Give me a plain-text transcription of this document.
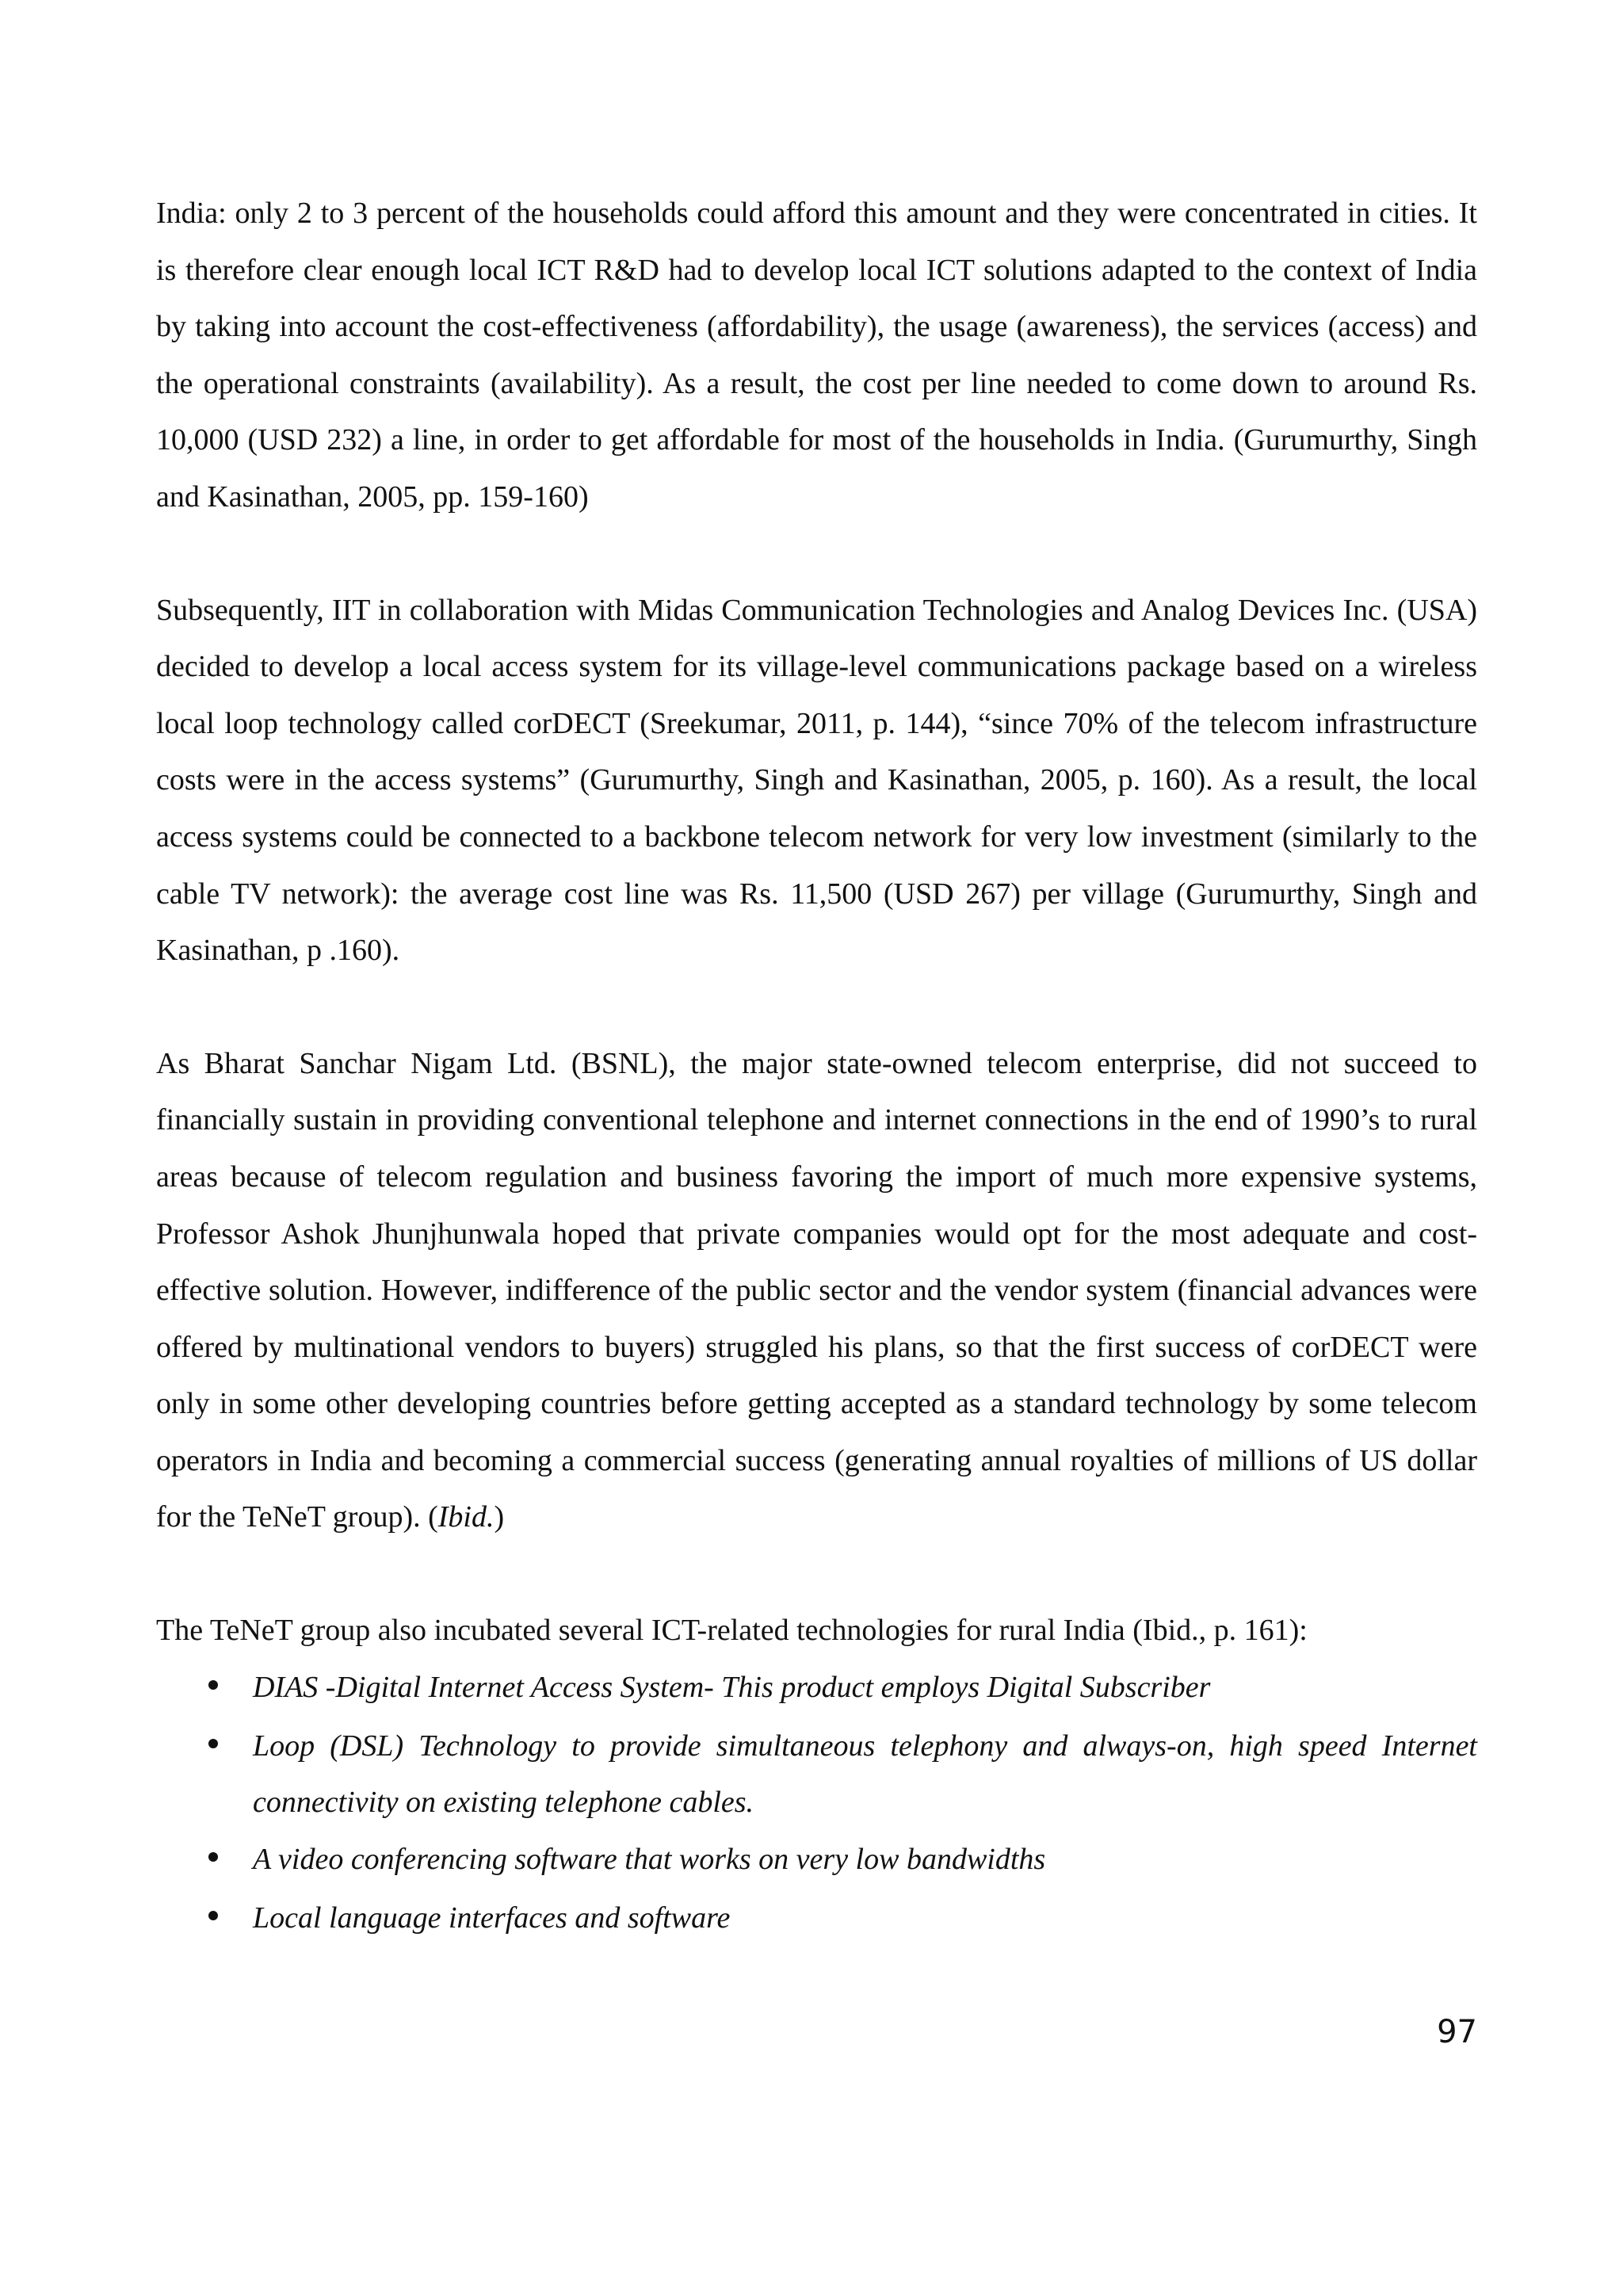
India: only 2 to 3 percent of the households could afford this amount and they were concentrated in cities. It is therefore clear enough local ICT R&D had to develop local ICT solutions adapted to the context of India by taking into account the cost-effectiveness (affordability), the usage (awareness), the services (access) and the operational constraints (availability). As a result, the cost per line needed to come down to around Rs. 10,000 (USD 232) a line, in order to get affordable for most of the households in India. (Gurumurthy, Singh and Kasinathan, 2005, pp. 159-160)

Subsequently, IIT in collaboration with Midas Communication Technologies and Analog Devices Inc. (USA) decided to develop a local access system for its village-level communications package based on a wireless local loop technology called corDECT (Sreekumar, 2011, p. 144), “since 70% of the telecom infrastructure costs were in the access systems” (Gurumurthy, Singh and Kasinathan, 2005, p. 160). As a result, the local access systems could be connected to a backbone telecom network for very low investment (similarly to the cable TV network): the average cost line was Rs. 11,500 (USD 267) per village (Gurumurthy, Singh and Kasinathan, p .160).

As Bharat Sanchar Nigam Ltd. (BSNL), the major state-owned telecom enterprise, did not succeed to financially sustain in providing conventional telephone and internet connections in the end of 1990’s to rural areas because of telecom regulation and business favoring the import of much more expensive systems, Professor Ashok Jhunjhunwala hoped that private companies would opt for the most adequate and cost-effective solution. However, indifference of the public sector and the vendor system (financial advances were offered by multinational vendors to buyers) struggled his plans, so that the first success of corDECT were only in some other developing countries before getting accepted as a standard technology by some telecom operators in India and becoming a commercial success (generating annual royalties of millions of US dollar for the TeNeT group). (Ibid.)

The TeNeT group also incubated several ICT-related technologies for rural India (Ibid., p. 161):

DIAS -Digital Internet Access System- This product employs Digital Subscriber
Loop (DSL) Technology to provide simultaneous telephony and always-on, high speed Internet connectivity on existing telephone cables.
A video conferencing software that works on very low bandwidths
Local language interfaces and software
97
